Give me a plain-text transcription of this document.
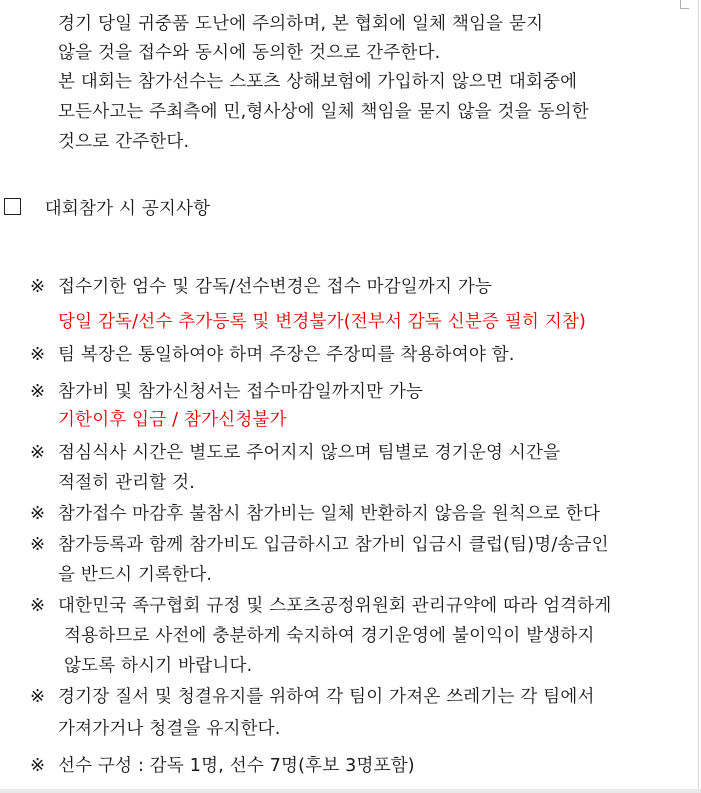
경기 당일 귀중품 도난에 주의하며, 본 협회에 일체 책임을 묻지
않을 것을 접수와 동시에 동의한 것으로 간주한다.
본 대회는 참가선수는 스포츠 상해보험에 가입하지 않으면 대회중에
모든사고는 주최측에 민,형사상에 일체 책임을 묻지 않을 것을 동의한
것으로 간주한다.
대회참가 시 공지사항
※ 접수기한 엄수 및 감독/선수변경은 접수 마감일까지 가능
당일 감독/선수 추가등록 및 변경불가(전부서 감독 신분증 필히 지참)
※ 팀 복장은 통일하여야 하며 주장은 주장띠를 착용하여야 함.
※ 참가비 및 참가신청서는 접수마감일까지만 가능
기한이후 입금 / 참가신청불가
※ 점심식사 시간은 별도로 주어지지 않으며 팀별로 경기운영 시간을
적절히 관리할 것.
※ 참가접수 마감후 불참시 참가비는 일체 반환하지 않음을 원칙으로 한다
※ 참가등록과 함께 참가비도 입금하시고 참가비 입금시 클럽(팀)명/송금인
을 반드시 기록한다.
※ 대한민국 족구협회 규정 및 스포츠공정위원회 관리규약에 따라 엄격하게
적용하므로 사전에 충분하게 숙지하여 경기운영에 불이익이 발생하지
않도록 하시기 바랍니다.
※ 경기장 질서 및 청결유지를 위하여 각 팀이 가져온 쓰레기는 각 팀에서
가져가거나 청결을 유지한다.
※ 선수 구성 : 감독 1명, 선수 7명(후보 3명포함)
